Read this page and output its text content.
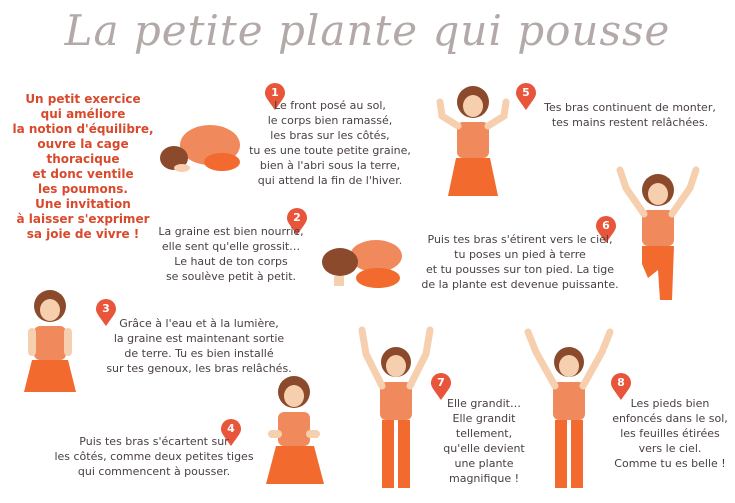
La petite plante qui pousse
Un petit exercice
qui améliore
la notion d'équilibre,
ouvre la cage
thoracique
et donc ventile
les poumons.
Une invitation
à laisser s'exprimer
sa joie de vivre !
1
2
3
4
5
6
7	8
Le front posé au sol,
le corps bien ramassé,
les bras sur les côtés,
tu es une toute petite graine,
bien à l'abri sous la terre,
qui attend la fin de l'hiver.
La graine est bien nourrie,
elle sent qu'elle grossit…
Le haut de ton corps
se soulève petit à petit.
Grâce à l'eau et à la lumière,
la graine est maintenant sortie
de terre. Tu es bien installé
sur tes genoux, les bras relâchés.
Puis tes bras s'écartent sur
les côtés, comme deux petites tiges
qui commencent à pousser.
Tes bras continuent de monter,
tes mains restent relâchées.
Puis tes bras s'étirent vers le ciel,
tu poses un pied à terre
et tu pousses sur ton pied. La tige
de la plante est devenue puissante.
Elle grandit…
Elle grandit
tellement,
qu'elle devient
une plante
magnifique !
Les pieds bien
enfoncés dans le sol,
les feuilles étirées
vers le ciel.
Comme tu es belle !
